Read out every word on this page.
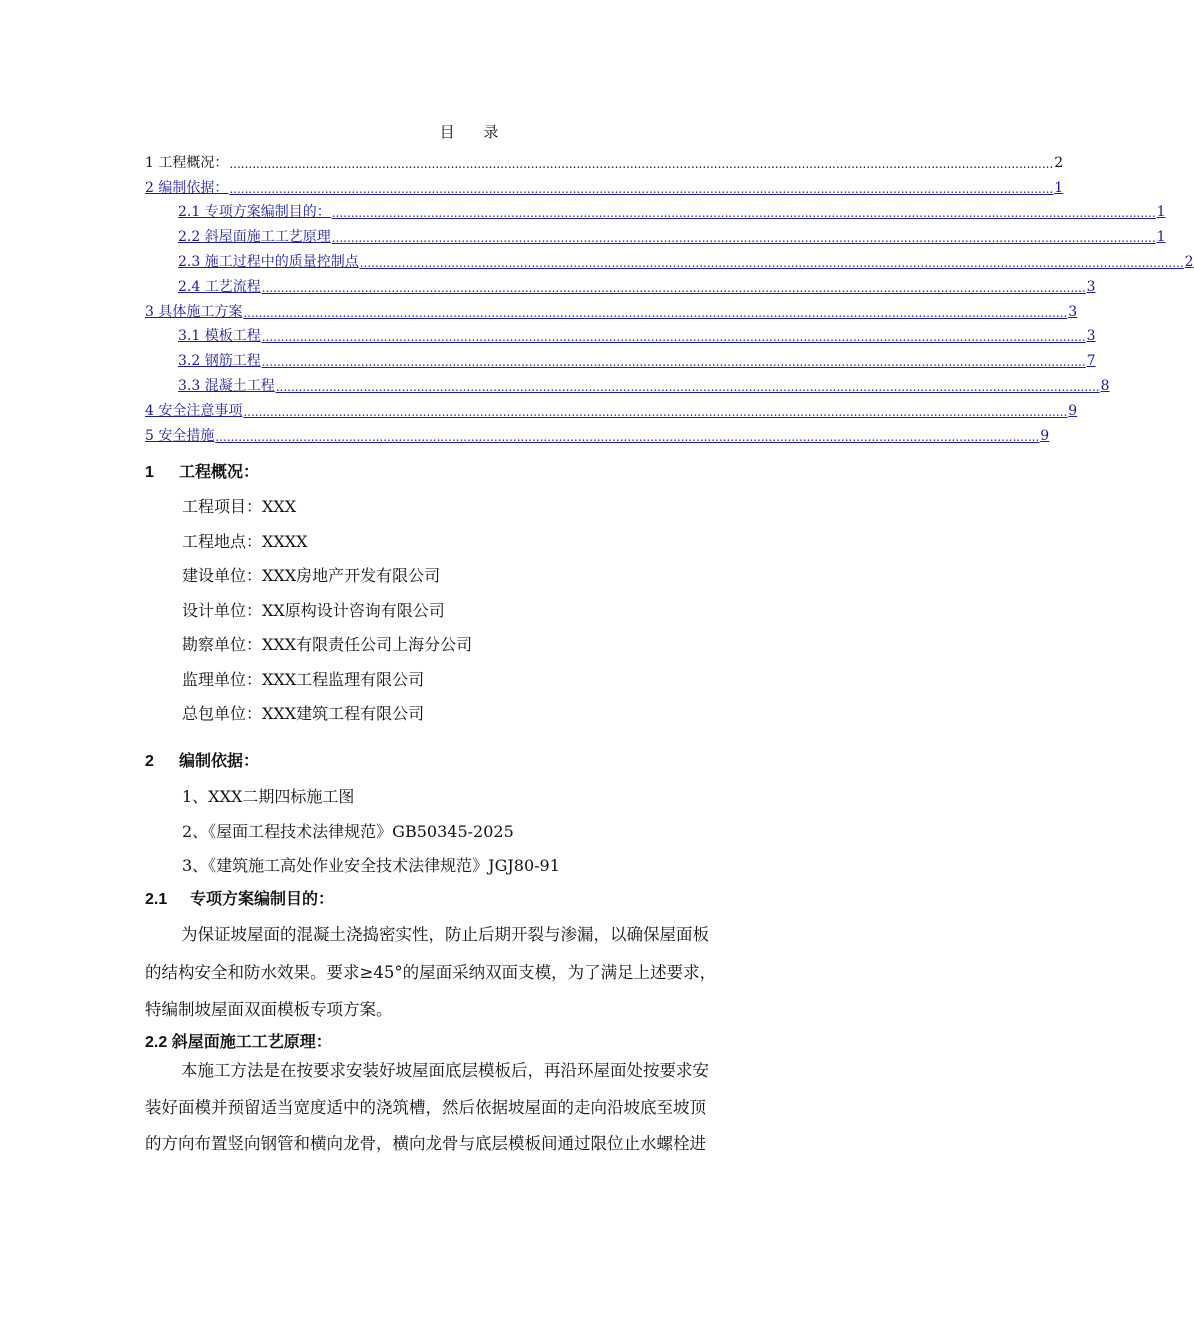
目 录
1 工程概况： ........................................................................................................................................................................................................................ 2
2 编制依据： ........................................................................................................................................................................................................................ 1
2.1 专项方案编制目的： ........................................................................................................................................................................................................................ 1
2.2 斜屋面施工工艺原理 ........................................................................................................................................................................................................................ 1
2.3 施工过程中的质量控制点 ........................................................................................................................................................................................................................ 2
2.4 工艺流程 ........................................................................................................................................................................................................................ 3
3 具体施工方案 ........................................................................................................................................................................................................................ 3
3.1 模板工程 ........................................................................................................................................................................................................................ 3
3.2 钢筋工程 ........................................................................................................................................................................................................................ 7
3.3 混凝土工程 ........................................................................................................................................................................................................................ 8
4 安全注意事项 ........................................................................................................................................................................................................................ 9
5 安全措施 ........................................................................................................................................................................................................................ 9
1 工程概况：
工程项目：XXX
工程地点：XXXX
建设单位：XXX房地产开发有限公司
设计单位：XX原构设计咨询有限公司
勘察单位：XXX有限责任公司上海分公司
监理单位：XXX工程监理有限公司
总包单位：XXX建筑工程有限公司
2 编制依据：
1、XXX二期四标施工图
2、《屋面工程技术法律规范》GB50345-2025
3、《建筑施工高处作业安全技术法律规范》JGJ80-91
2.1 专项方案编制目的：
为保证坡屋面的混凝土浇捣密实性，防止后期开裂与渗漏，以确保屋面板
的结构安全和防水效果。要求≥45°的屋面采纳双面支模，为了满足上述要求，
特编制坡屋面双面模板专项方案。
2.2 斜屋面施工工艺原理：
本施工方法是在按要求安装好坡屋面底层模板后，再沿环屋面处按要求安
装好面模并预留适当宽度适中的浇筑槽，然后依据坡屋面的走向沿坡底至坡顶
的方向布置竖向钢管和横向龙骨，横向龙骨与底层模板间通过限位止水螺栓进
